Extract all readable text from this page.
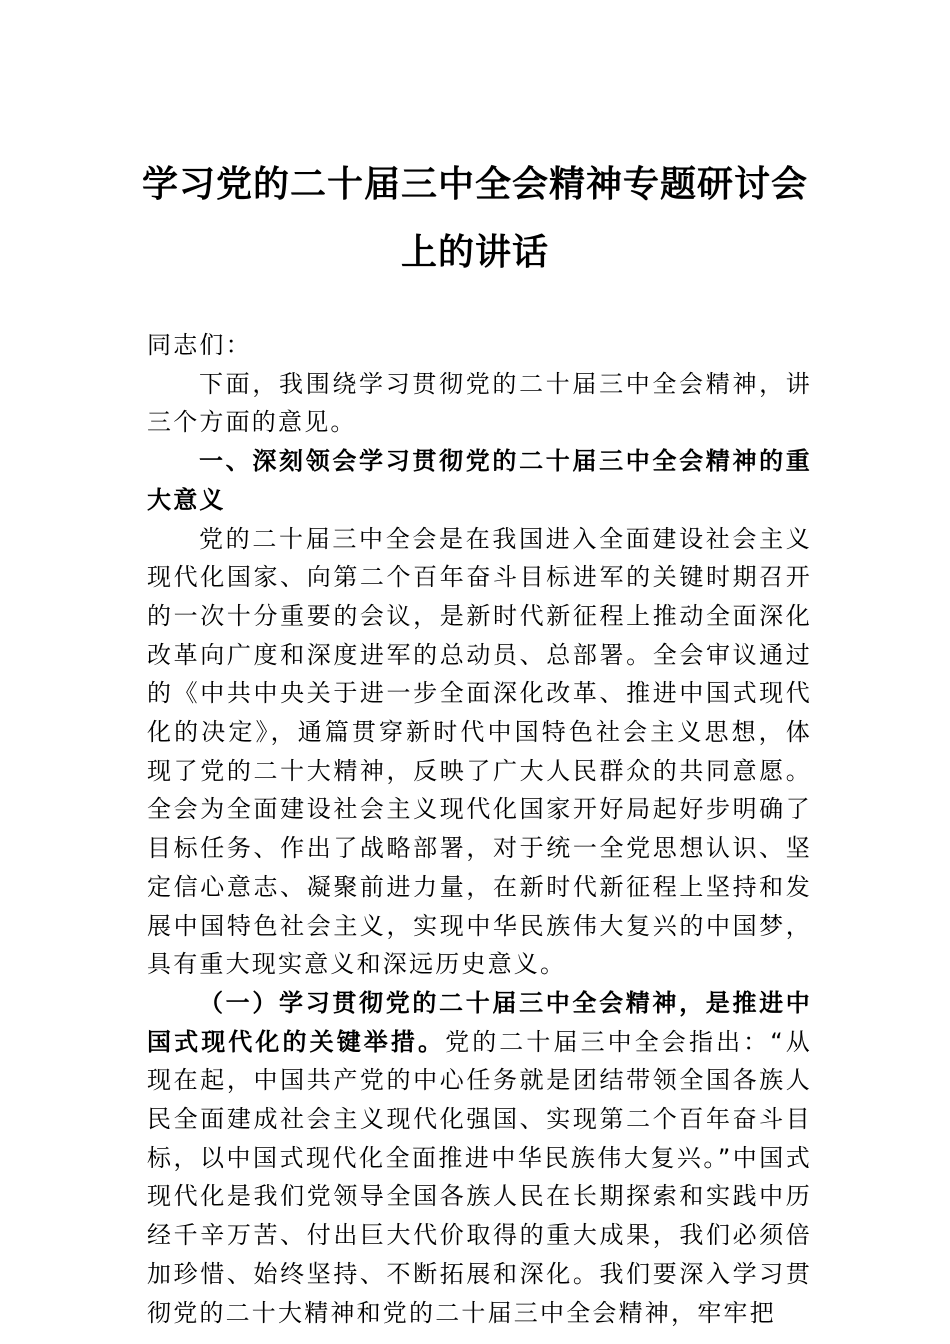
学习党的二十届三中全会精神专题研讨会
上的讲话

同志们：

下面，我围绕学习贯彻党的二十届三中全会精神，讲三个方面的意见。

一、深刻领会学习贯彻党的二十届三中全会精神的重大意义

党的二十届三中全会是在我国进入全面建设社会主义现代化国家、向第二个百年奋斗目标进军的关键时期召开的一次十分重要的会议，是新时代新征程上推动全面深化改革向广度和深度进军的总动员、总部署。全会审议通过的《中共中央关于进一步全面深化改革、推进中国式现代化的决定》，通篇贯穿新时代中国特色社会主义思想，体现了党的二十大精神，反映了广大人民群众的共同意愿。全会为全面建设社会主义现代化国家开好局起好步明确了目标任务、作出了战略部署，对于统一全党思想认识、坚定信心意志、凝聚前进力量，在新时代新征程上坚持和发展中国特色社会主义，实现中华民族伟大复兴的中国梦，具有重大现实意义和深远历史意义。

（一）学习贯彻党的二十届三中全会精神，是推进中国式现代化的关键举措。党的二十届三中全会指出：“从现在起，中国共产党的中心任务就是团结带领全国各族人民全面建成社会主义现代化强国、实现第二个百年奋斗目标，以中国式现代化全面推进中华民族伟大复兴。”中国式现代化是我们党领导全国各族人民在长期探索和实践中历经千辛万苦、付出巨大代价取得的重大成果，我们必须倍加珍惜、始终坚持、不断拓展和深化。我们要深入学习贯彻党的二十大精神和党的二十届三中全会精神，牢牢把
